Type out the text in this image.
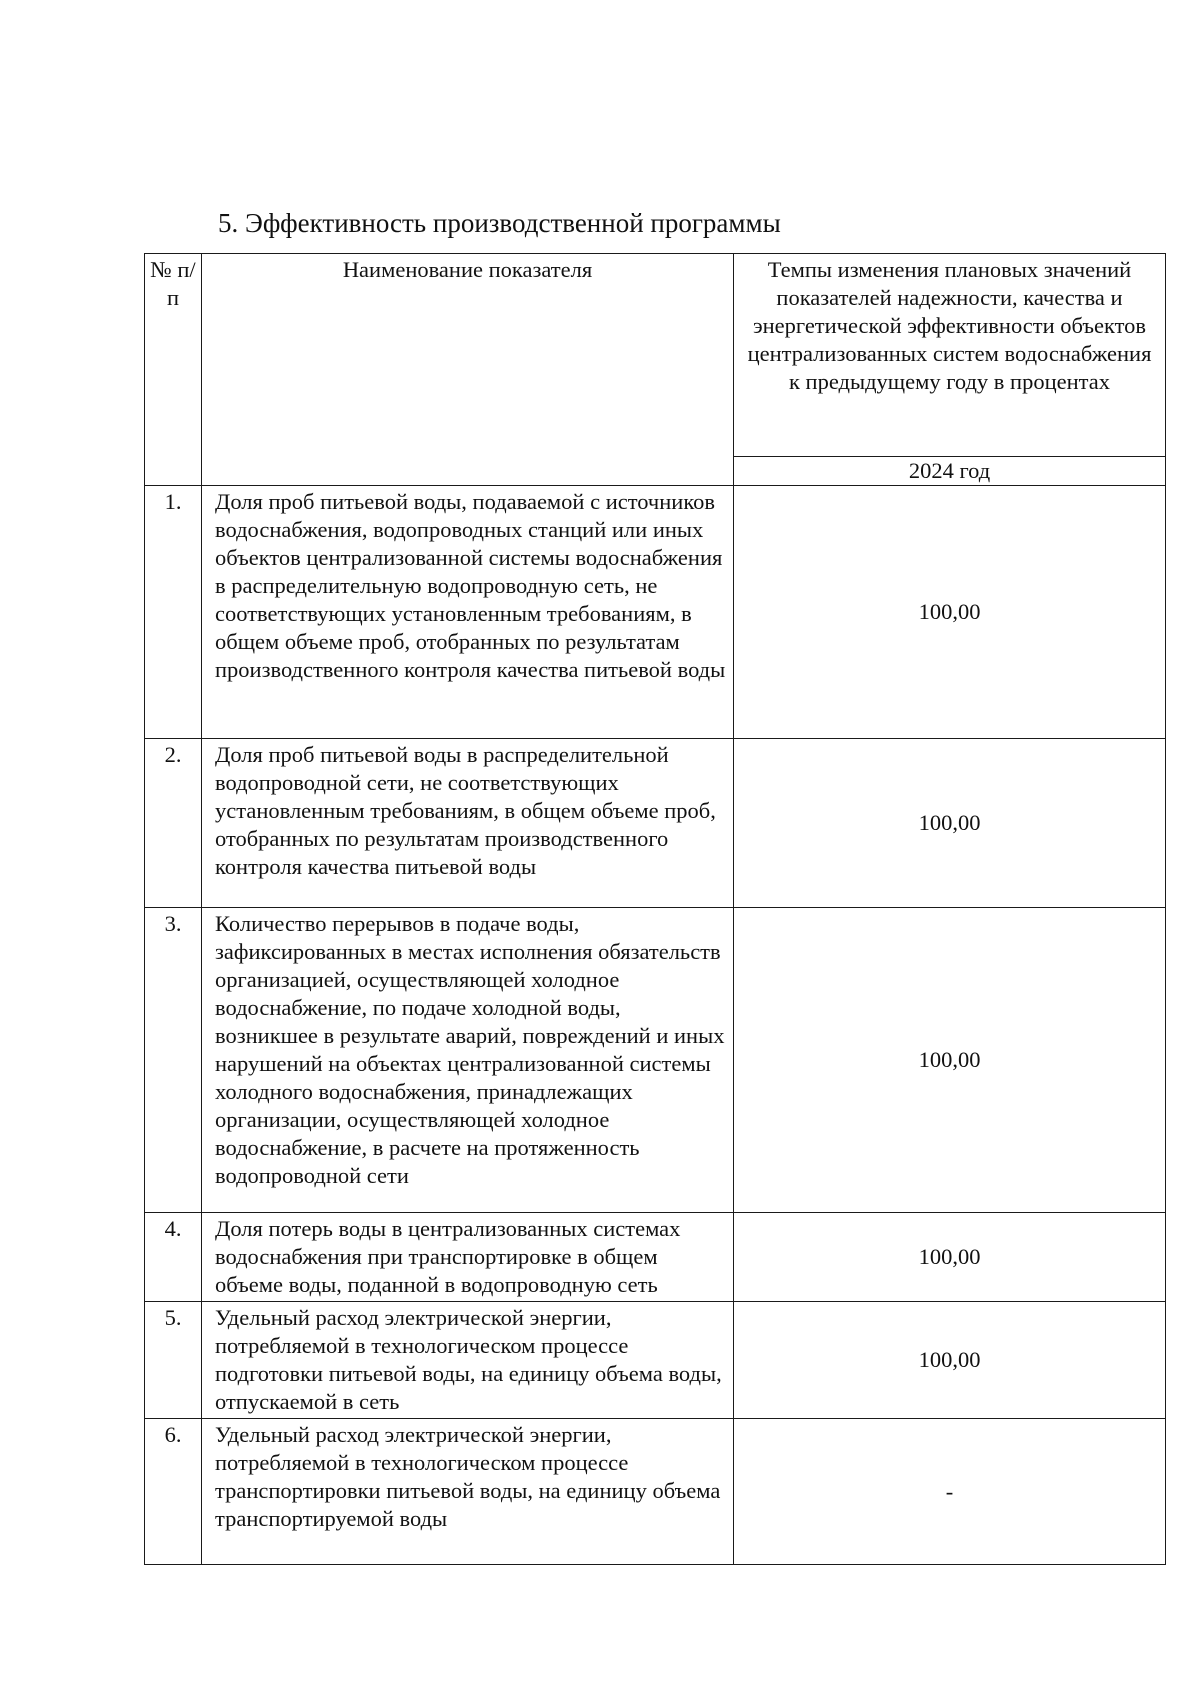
5. Эффективность производственной программы
№ п/п	Наименование показателя	Темпы изменения плановых значений показателей надежности, качества и энергетической эффективности объектов централизованных систем водоснабжения к предыдущему году в процентах
		2024 год
1.	Доля проб питьевой воды, подаваемой с источников водоснабжения, водопроводных станций или иных объектов централизованной системы водоснабжения в распределительную водопроводную сеть, не соответствующих установленным требованиям, в общем объеме проб, отобранных по результатам производственного контроля качества питьевой воды	100,00
2.	Доля проб питьевой воды в распределительной водопроводной сети, не соответствующих установленным требованиям, в общем объеме проб, отобранных по результатам производственного контроля качества питьевой воды	100,00
3.	Количество перерывов в подаче воды, зафиксированных в местах исполнения обязательств организацией, осуществляющей холодное водоснабжение, по подаче холодной воды, возникшее в результате аварий, повреждений и иных нарушений на объектах централизованной системы холодного водоснабжения, принадлежащих организации, осуществляющей холодное водоснабжение, в расчете на протяженность водопроводной сети	100,00
4.	Доля потерь воды в централизованных системах водоснабжения при транспортировке в общем объеме воды, поданной в водопроводную сеть	100,00
5.	Удельный расход электрической энергии, потребляемой в технологическом процессе подготовки питьевой воды, на единицу объема воды, отпускаемой в сеть	100,00
6.	Удельный расход электрической энергии, потребляемой в технологическом процессе транспортировки питьевой воды, на единицу объема транспортируемой воды	-
